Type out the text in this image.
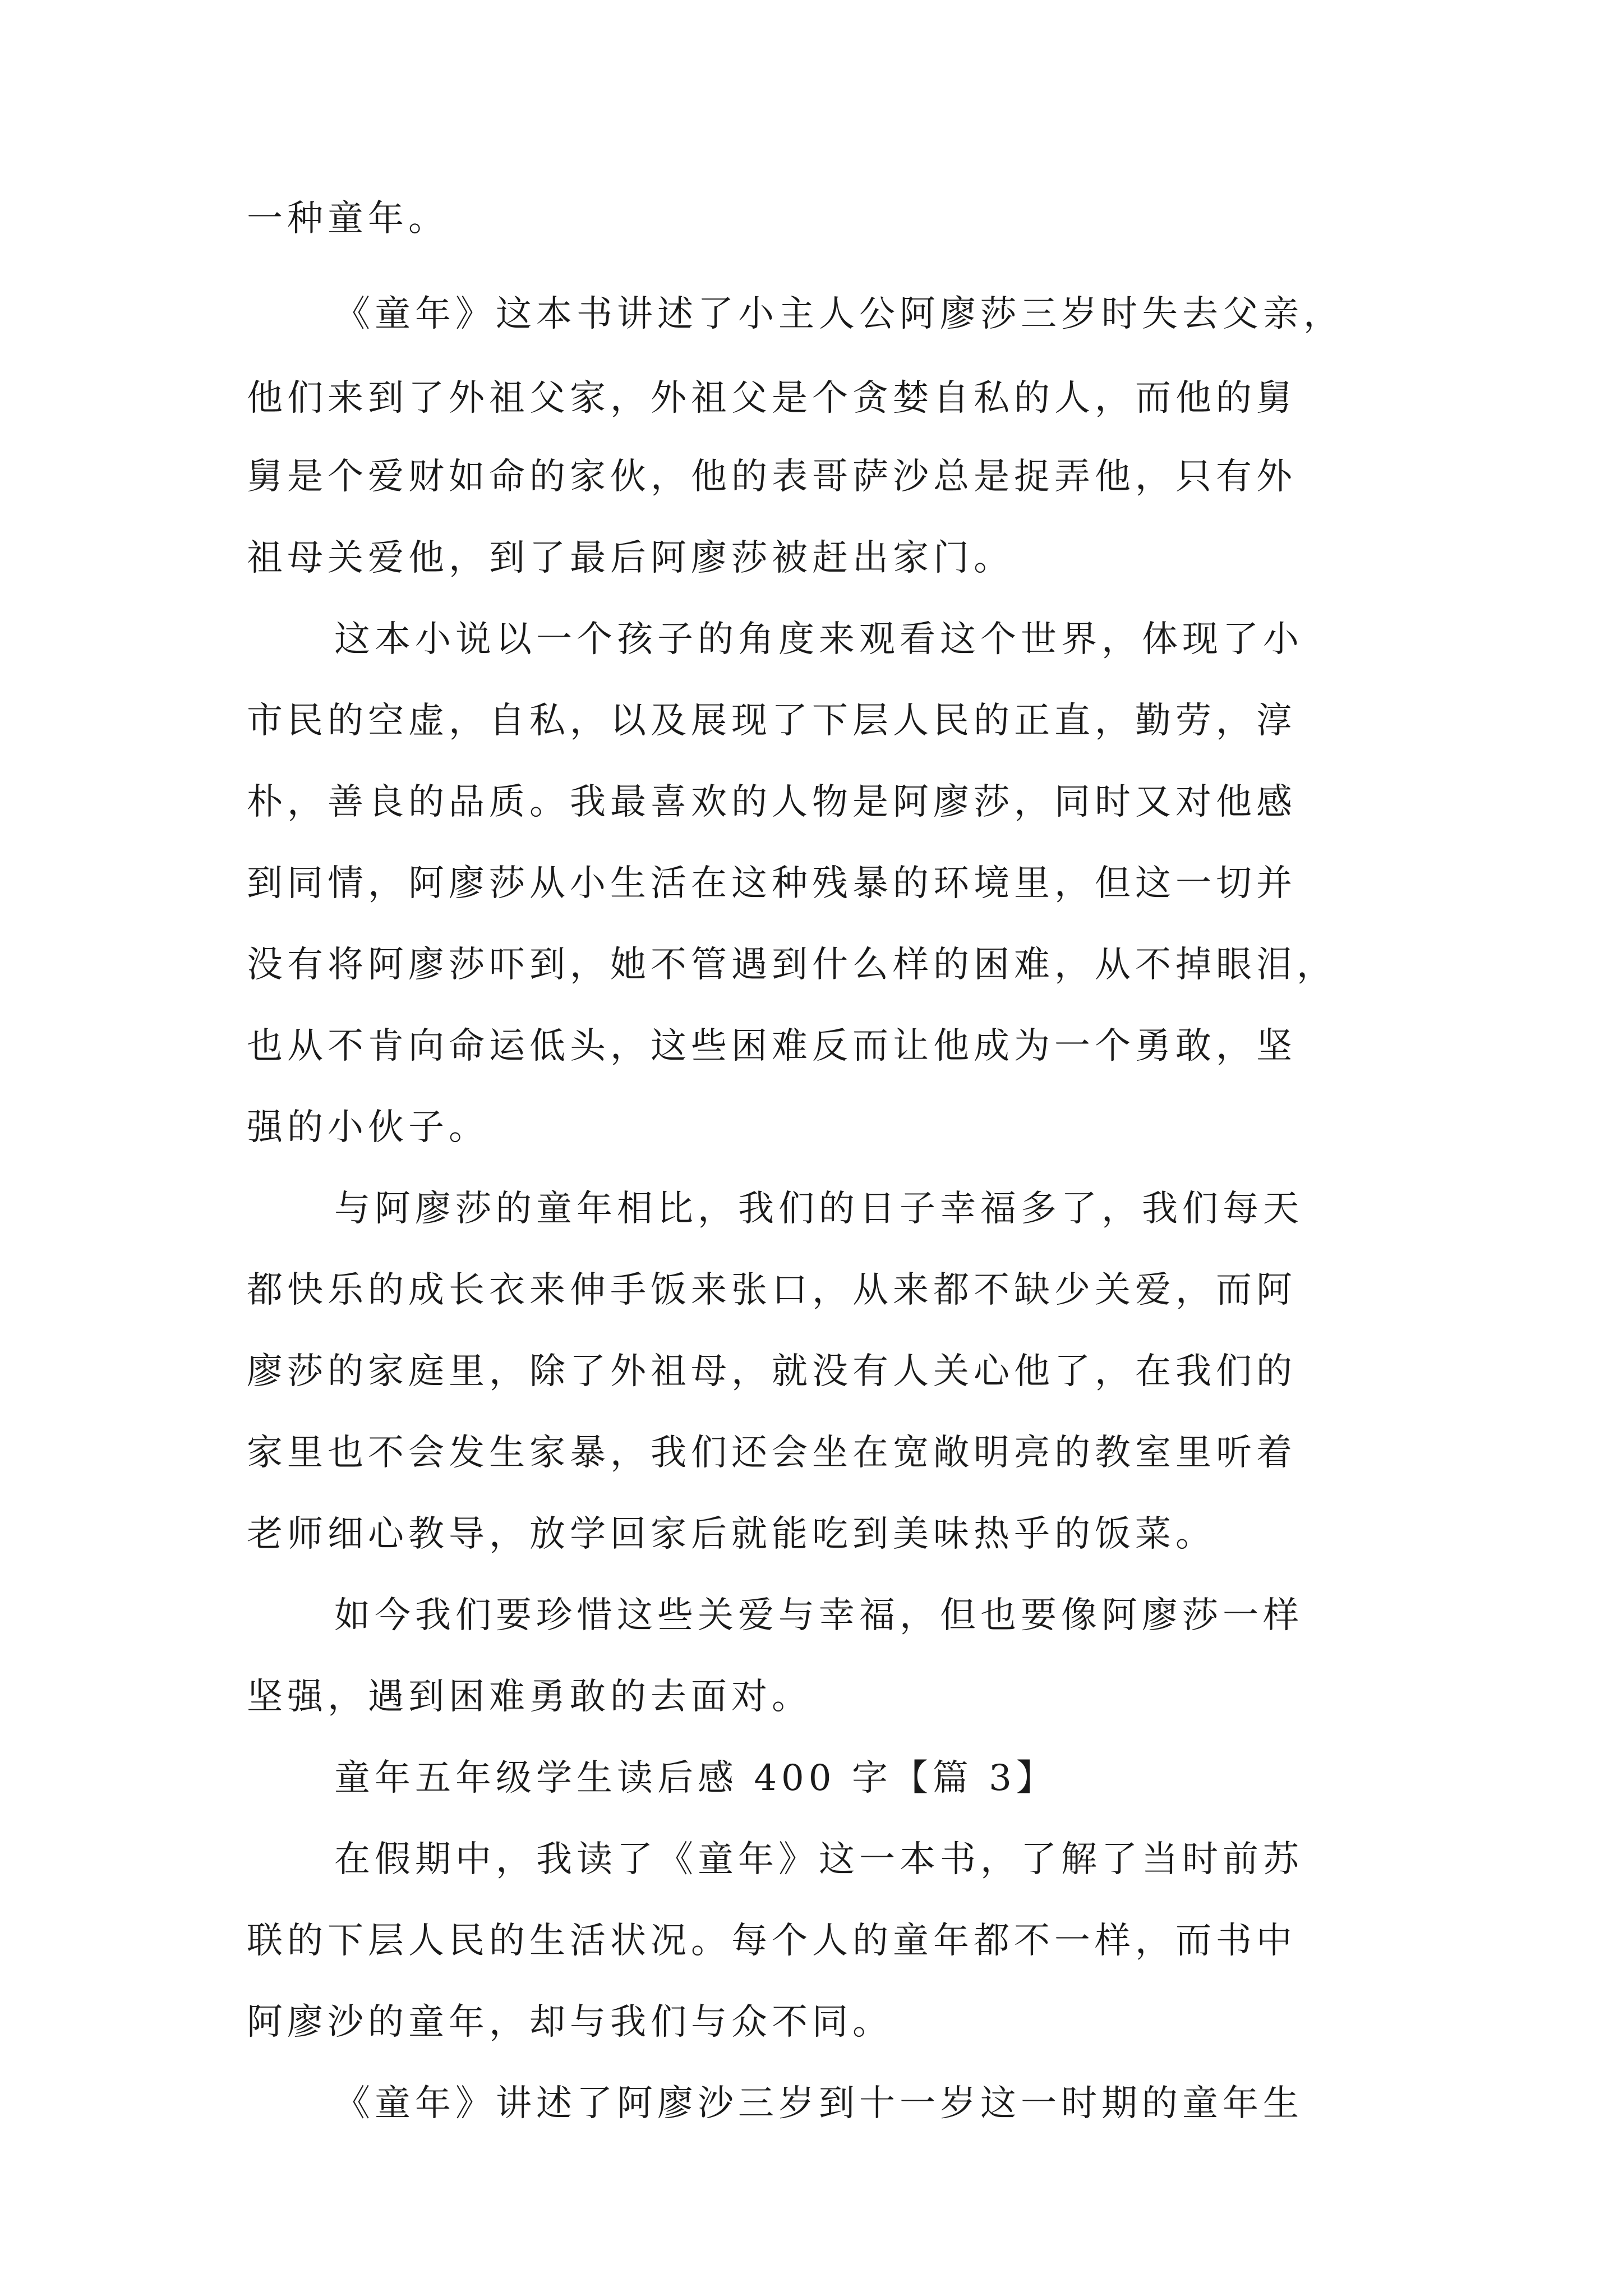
一种童年。
《童年》这本书讲述了小主人公阿廖莎三岁时失去父亲，
他们来到了外祖父家，外祖父是个贪婪自私的人，而他的舅
舅是个爱财如命的家伙，他的表哥萨沙总是捉弄他，只有外
祖母关爱他，到了最后阿廖莎被赶出家门。
这本小说以一个孩子的角度来观看这个世界，体现了小
市民的空虚，自私，以及展现了下层人民的正直，勤劳，淳
朴，善良的品质。我最喜欢的人物是阿廖莎，同时又对他感
到同情，阿廖莎从小生活在这种残暴的环境里，但这一切并
没有将阿廖莎吓到，她不管遇到什么样的困难，从不掉眼泪，
也从不肯向命运低头，这些困难反而让他成为一个勇敢，坚
强的小伙子。
与阿廖莎的童年相比，我们的日子幸福多了，我们每天
都快乐的成长衣来伸手饭来张口，从来都不缺少关爱，而阿
廖莎的家庭里，除了外祖母，就没有人关心他了，在我们的
家里也不会发生家暴，我们还会坐在宽敞明亮的教室里听着
老师细心教导，放学回家后就能吃到美味热乎的饭菜。
如今我们要珍惜这些关爱与幸福，但也要像阿廖莎一样
坚强，遇到困难勇敢的去面对。
童年五年级学生读后感 400 字【篇 3】
在假期中，我读了《童年》这一本书，了解了当时前苏
联的下层人民的生活状况。每个人的童年都不一样，而书中
阿廖沙的童年，却与我们与众不同。
《童年》讲述了阿廖沙三岁到十一岁这一时期的童年生
